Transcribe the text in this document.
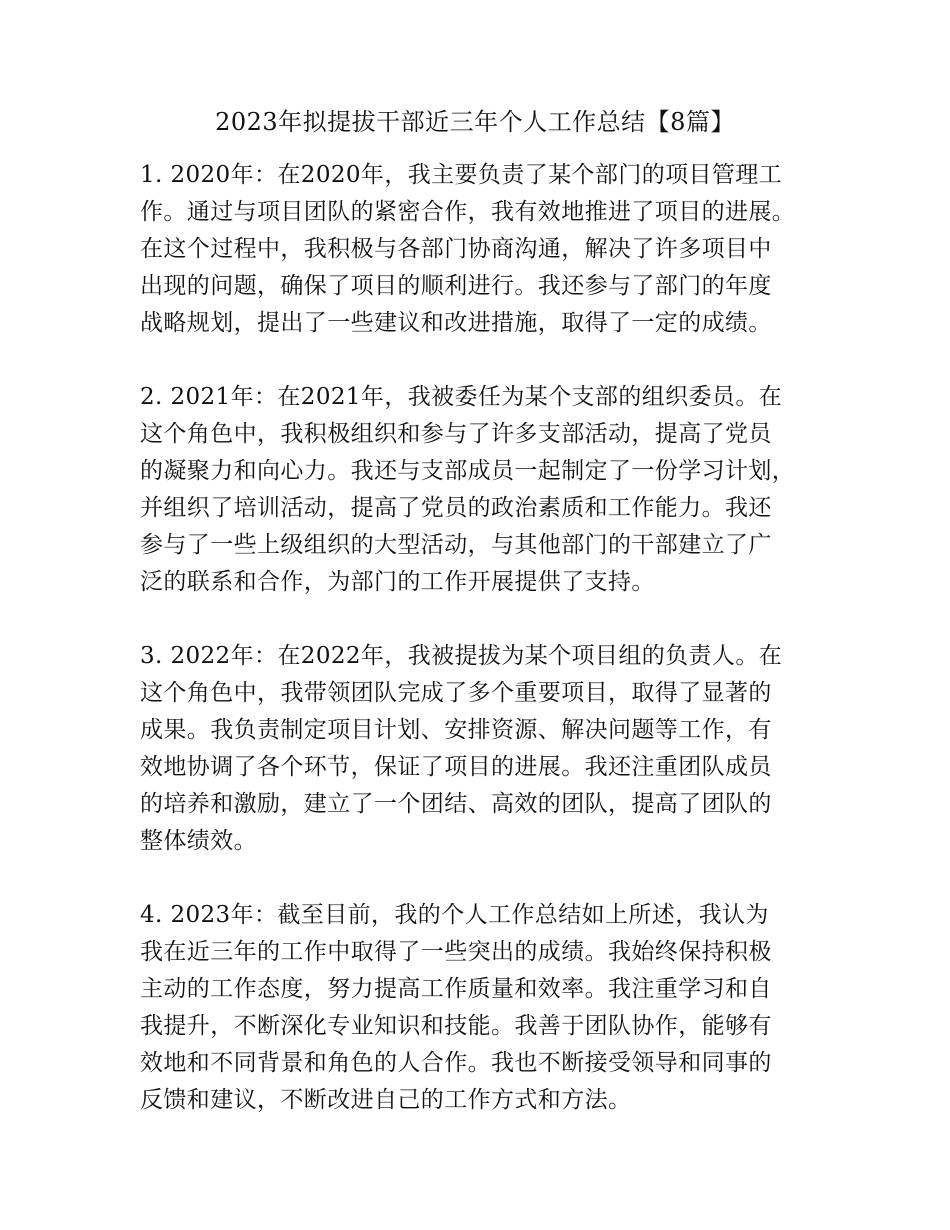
2023年拟提拔干部近三年个人工作总结【8篇】
1. 2020年：在2020年，我主要负责了某个部门的项目管理工
作。通过与项目团队的紧密合作，我有效地推进了项目的进展。
在这个过程中，我积极与各部门协商沟通，解决了许多项目中
出现的问题，确保了项目的顺利进行。我还参与了部门的年度
战略规划，提出了一些建议和改进措施，取得了一定的成绩。
2. 2021年：在2021年，我被委任为某个支部的组织委员。在
这个角色中，我积极组织和参与了许多支部活动，提高了党员
的凝聚力和向心力。我还与支部成员一起制定了一份学习计划，
并组织了培训活动，提高了党员的政治素质和工作能力。我还
参与了一些上级组织的大型活动，与其他部门的干部建立了广
泛的联系和合作，为部门的工作开展提供了支持。
3. 2022年：在2022年，我被提拔为某个项目组的负责人。在
这个角色中，我带领团队完成了多个重要项目，取得了显著的
成果。我负责制定项目计划、安排资源、解决问题等工作，有
效地协调了各个环节，保证了项目的进展。我还注重团队成员
的培养和激励，建立了一个团结、高效的团队，提高了团队的
整体绩效。
4. 2023年：截至目前，我的个人工作总结如上所述，我认为
我在近三年的工作中取得了一些突出的成绩。我始终保持积极
主动的工作态度，努力提高工作质量和效率。我注重学习和自
我提升，不断深化专业知识和技能。我善于团队协作，能够有
效地和不同背景和角色的人合作。我也不断接受领导和同事的
反馈和建议，不断改进自己的工作方式和方法。
